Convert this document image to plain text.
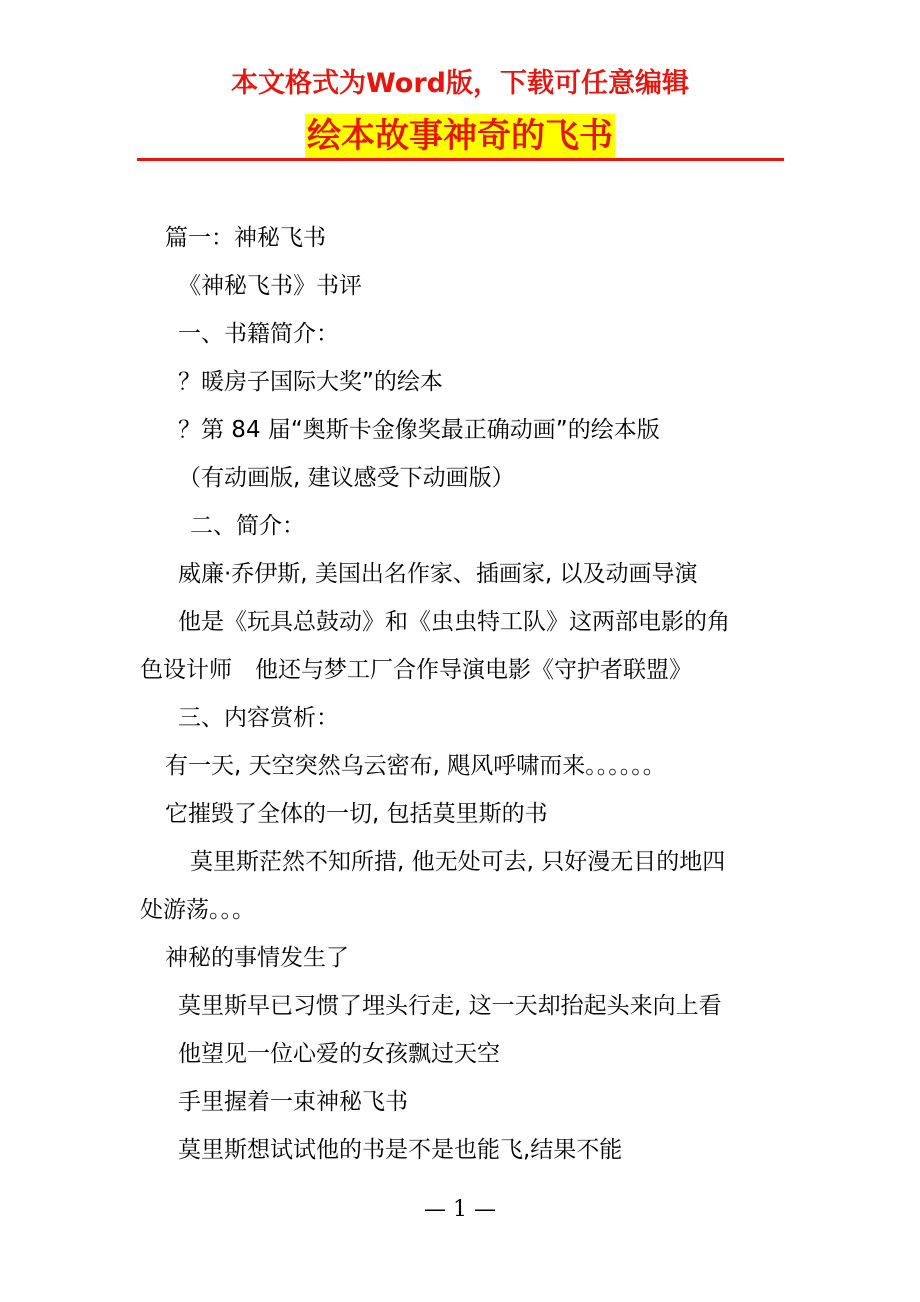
本文格式为Word版，下载可任意编辑
绘本故事神奇的飞书

篇一：神秘飞书

《神秘飞书》书评

一、书籍简介：

？暖房子国际大奖”的绘本

？第 84 届“奥斯卡金像奖最正确动画”的绘本版

（有动画版, 建议感受下动画版）

二、简介：

威廉·乔伊斯, 美国出名作家、插画家, 以及动画导演

他是《玩具总鼓动》和《虫虫特工队》这两部电影的角

色设计师　他还与梦工厂合作导演电影《守护者联盟》

三、内容赏析：

有一天, 天空突然乌云密布, 飓风呼啸而来。。。。。。

它摧毁了全体的一切, 包括莫里斯的书

莫里斯茫然不知所措, 他无处可去, 只好漫无目的地四

处游荡。。。

神秘的事情发生了

莫里斯早已习惯了埋头行走, 这一天却抬起头来向上看

他望见一位心爱的女孩飘过天空

手里握着一束神秘飞书

莫里斯想试试他的书是不是也能飞,结果不能

— 1 —
